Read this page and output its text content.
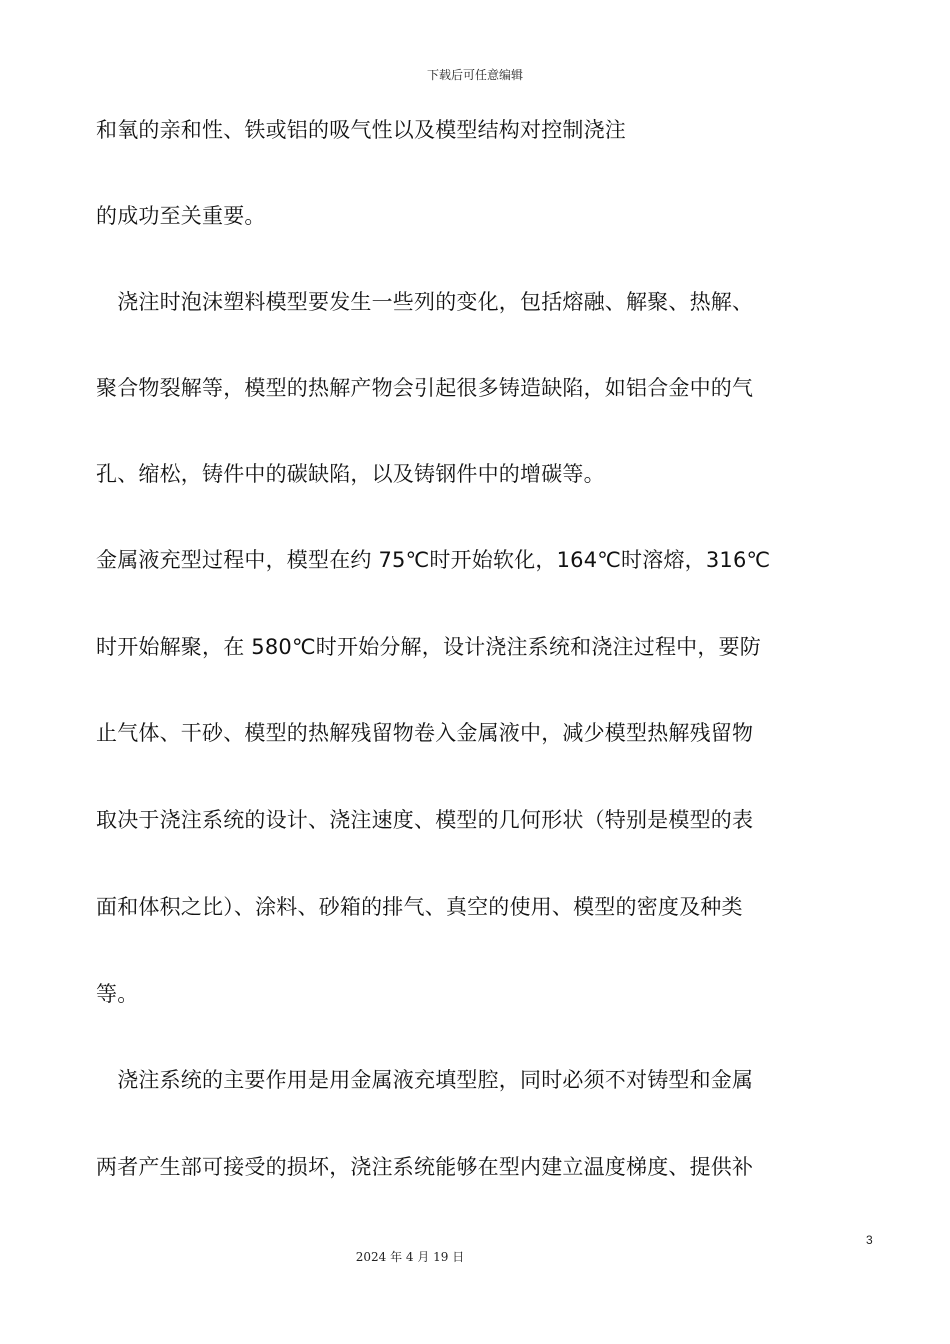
下载后可任意编辑
和氧的亲和性、铁或铝的吸气性以及模型结构对控制浇注
的成功至关重要。
　浇注时泡沫塑料模型要发生一些列的变化，包括熔融、解聚、热解、
聚合物裂解等，模型的热解产物会引起很多铸造缺陷，如铝合金中的气
孔、缩松，铸件中的碳缺陷，以及铸钢件中的增碳等。
金属液充型过程中，模型在约 75℃时开始软化，164℃时溶熔，316℃
时开始解聚，在 580℃时开始分解，设计浇注系统和浇注过程中，要防
止气体、干砂、模型的热解残留物卷入金属液中，减少模型热解残留物
取决于浇注系统的设计、浇注速度、模型的几何形状（特别是模型的表
面和体积之比）、涂料、砂箱的排气、真空的使用、模型的密度及种类
等。
　浇注系统的主要作用是用金属液充填型腔，同时必须不对铸型和金属
两者产生部可接受的损坏，浇注系统能够在型内建立温度梯度、提供补
3
2024 年 4 月 19 日
